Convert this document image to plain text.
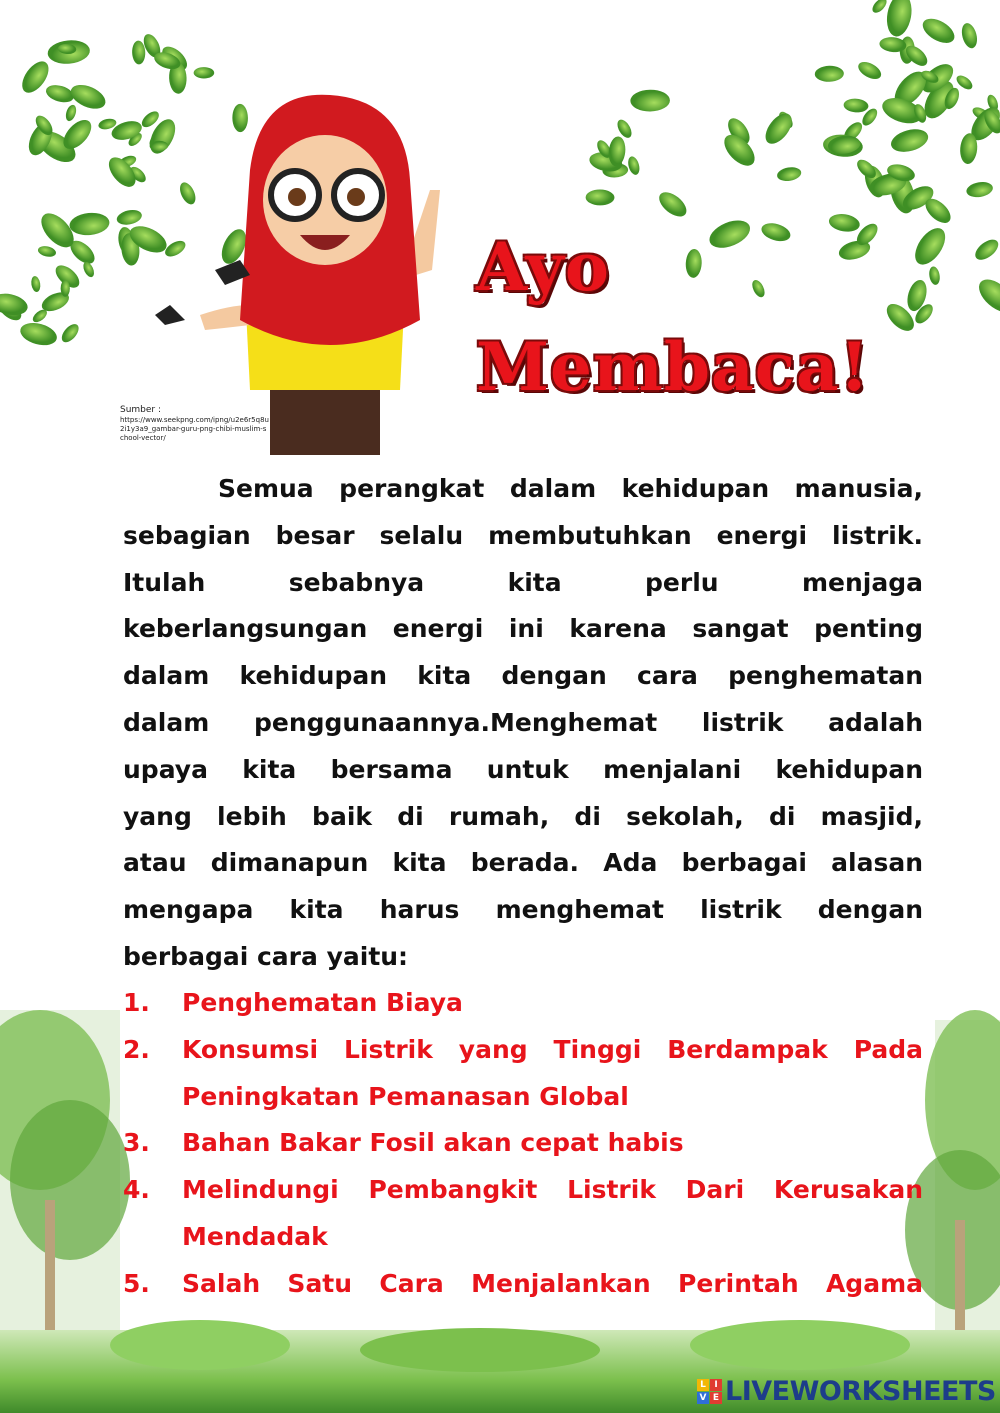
Ayo
Membaca!
Sumber :
https://www.seekpng.com/ipng/u2e6r5q8u2i1y3a9_gambar-guru-png-chibi-muslim-school-vector/
Semua perangkat dalam kehidupan manusia,
sebagian besar selalu membutuhkan energi listrik.
Itulah sebabnya kita perlu menjaga
keberlangsungan energi ini karena sangat penting
dalam kehidupan kita dengan cara penghematan
dalam penggunaannya.Menghemat listrik adalah
upaya kita bersama untuk menjalani kehidupan
yang lebih baik di rumah, di sekolah, di masjid,
atau dimanapun kita berada. Ada berbagai alasan
mengapa kita harus menghemat listrik dengan
berbagai cara yaitu:
1.	Penghematan Biaya
2.	Konsumsi Listrik yang Tinggi Berdampak Pada
Peningkatan Pemanasan Global
3.	Bahan Bakar Fosil akan cepat habis
4.	Melindungi Pembangkit Listrik Dari Kerusakan
Mendadak
5.	Salah Satu Cara Menjalankan Perintah Agama
L I
V E LIVEWORKSHEETS
